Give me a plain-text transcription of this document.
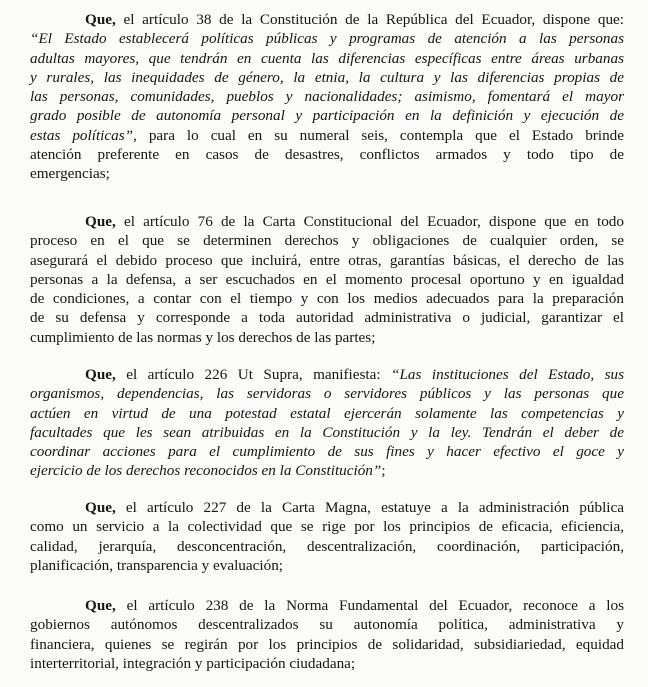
Que, el artículo 38 de la Constitución de la República del Ecuador, dispone que:
“El Estado establecerá políticas públicas y programas de atención a las personas
adultas mayores, que tendrán en cuenta las diferencias específicas entre áreas urbanas
y rurales, las inequidades de género, la etnia, la cultura y las diferencias propias de
las personas, comunidades, pueblos y nacionalidades; asimismo, fomentará el mayor
grado posible de autonomía personal y participación en la definición y ejecución de
estas políticas”, para lo cual en su numeral seis, contempla que el Estado brinde
atención preferente en casos de desastres, conflictos armados y todo tipo de
emergencias;
Que, el artículo 76 de la Carta Constitucional del Ecuador, dispone que en todo
proceso en el que se determinen derechos y obligaciones de cualquier orden, se
asegurará el debido proceso que incluirá, entre otras, garantías básicas, el derecho de las
personas a la defensa, a ser escuchados en el momento procesal oportuno y en igualdad
de condiciones, a contar con el tiempo y con los medios adecuados para la preparación
de su defensa y corresponde a toda autoridad administrativa o judicial, garantizar el
cumplimiento de las normas y los derechos de las partes;
Que, el artículo 226 Ut Supra, manifiesta: “Las instituciones del Estado, sus
organismos, dependencias, las servidoras o servidores públicos y las personas que
actúen en virtud de una potestad estatal ejercerán solamente las competencias y
facultades que les sean atribuidas en la Constitución y la ley. Tendrán el deber de
coordinar acciones para el cumplimiento de sus fines y hacer efectivo el goce y
ejercicio de los derechos reconocidos en la Constitución”;
Que, el artículo 227 de la Carta Magna, estatuye a la administración pública
como un servicio a la colectividad que se rige por los principios de eficacia, eficiencia,
calidad, jerarquía, desconcentración, descentralización, coordinación, participación,
planificación, transparencia y evaluación;
Que, el artículo 238 de la Norma Fundamental del Ecuador, reconoce a los
gobiernos autónomos descentralizados su autonomía política, administrativa y
financiera, quienes se regirán por los principios de solidaridad, subsidiariedad, equidad
interterritorial, integración y participación ciudadana;
